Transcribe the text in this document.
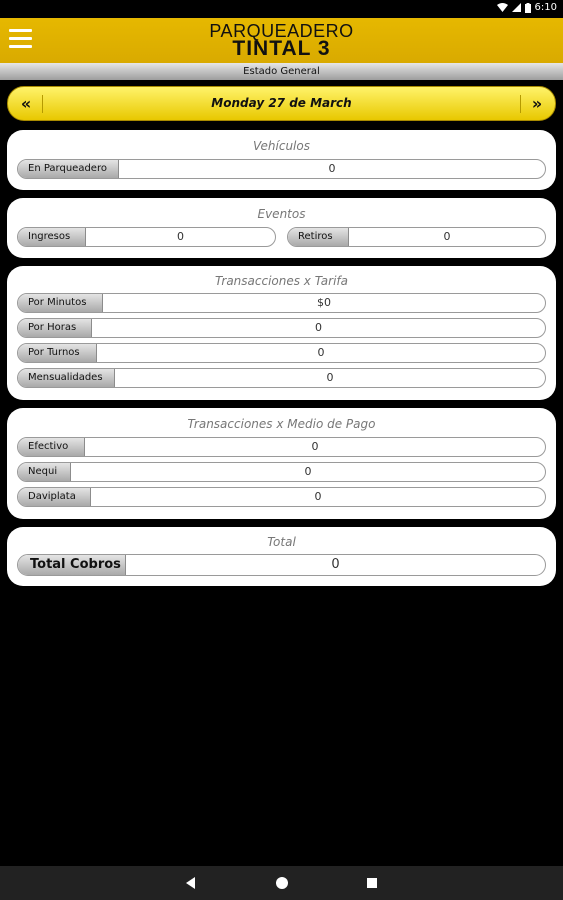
6:10
PARQUEADERO
TINTAL 3
Estado General
«	Monday 27 de March	»
Vehículos
En Parqueadero	0
Eventos
Ingresos	0	Retiros	0
Transacciones x Tarifa
Por Minutos	$0
Por Horas	0
Por Turnos	0
Mensualidades	0
Transacciones x Medio de Pago
Efectivo	0
Nequi	0
Daviplata	0
Total
Total Cobros	0
